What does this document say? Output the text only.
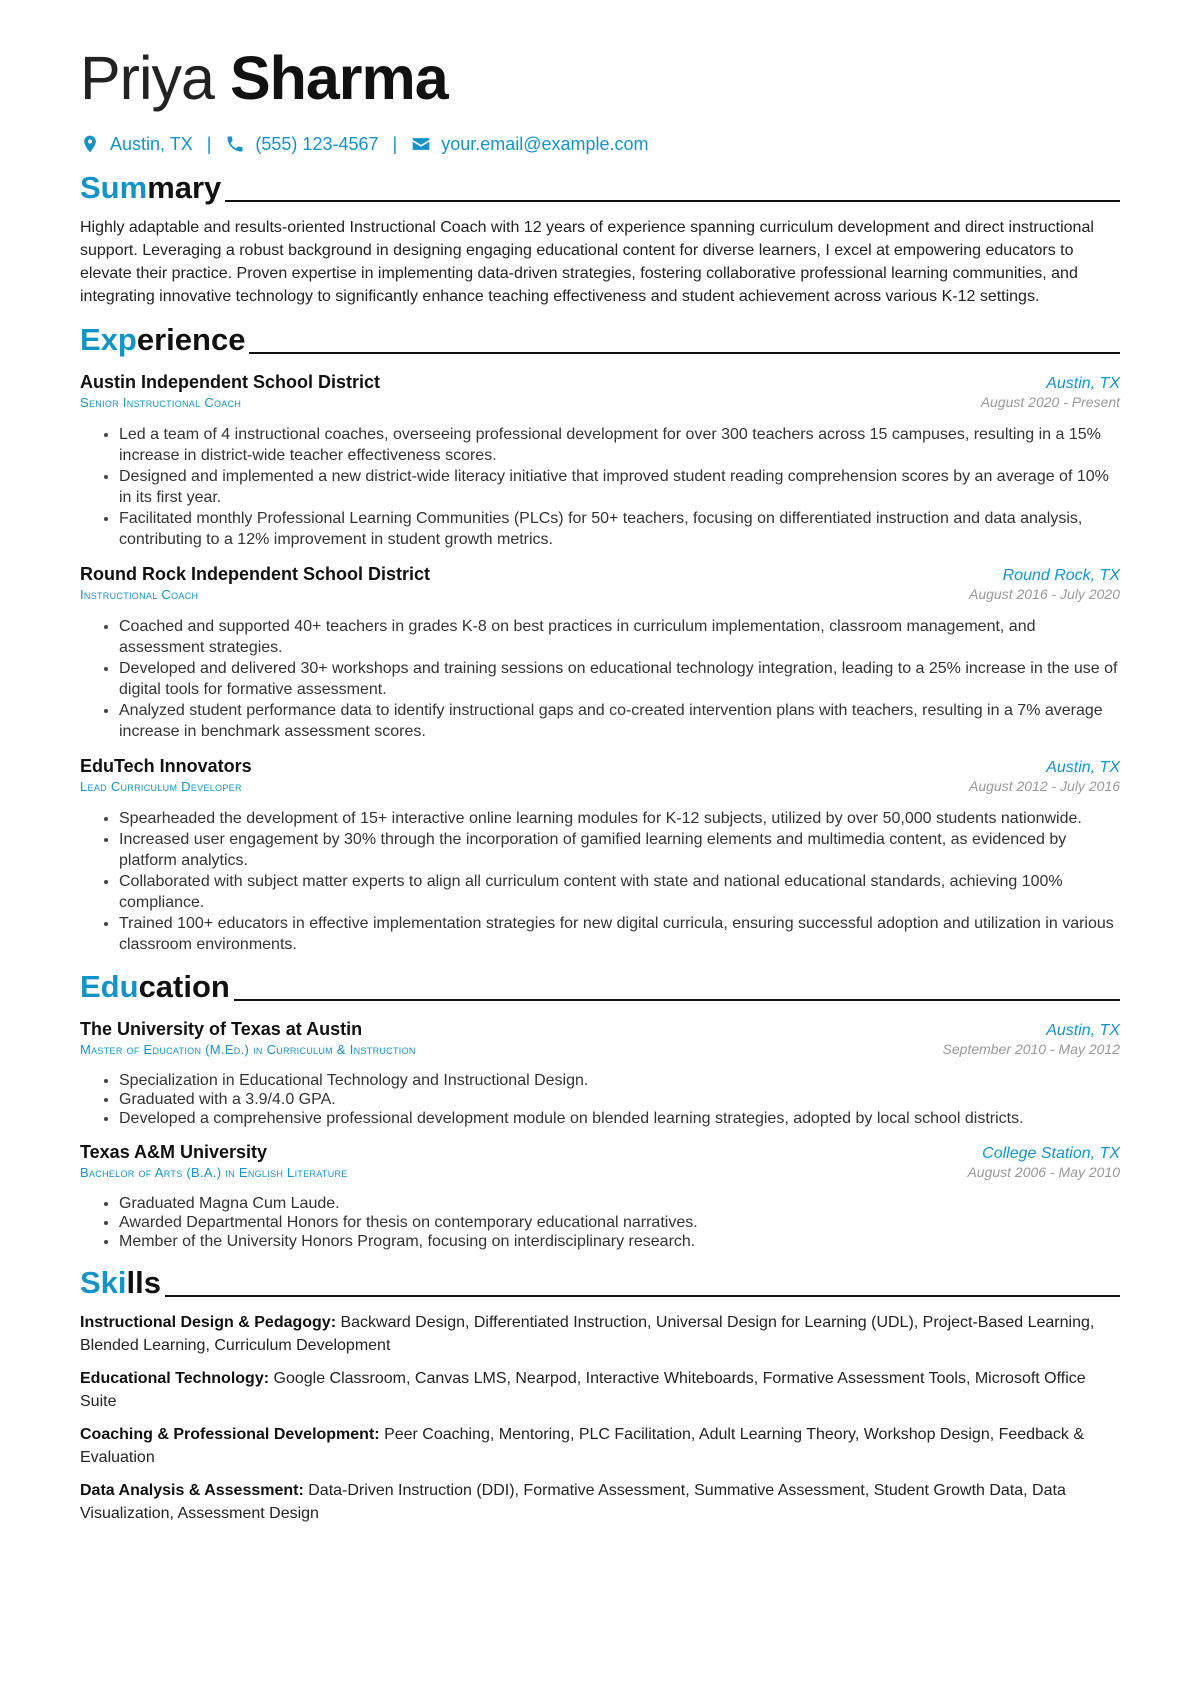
Priya Sharma
Austin, TX | (555) 123-4567 | your.email@example.com
Summary
Highly adaptable and results-oriented Instructional Coach with 12 years of experience spanning curriculum development and direct instructional support. Leveraging a robust background in designing engaging educational content for diverse learners, I excel at empowering educators to elevate their practice. Proven expertise in implementing data-driven strategies, fostering collaborative professional learning communities, and integrating innovative technology to significantly enhance teaching effectiveness and student achievement across various K-12 settings.
Experience
Austin Independent School District	Austin, TX
Senior Instructional Coach	August 2020 - Present
• Led a team of 4 instructional coaches, overseeing professional development for over 300 teachers across 15 campuses, resulting in a 15% increase in district-wide teacher effectiveness scores.
• Designed and implemented a new district-wide literacy initiative that improved student reading comprehension scores by an average of 10% in its first year.
• Facilitated monthly Professional Learning Communities (PLCs) for 50+ teachers, focusing on differentiated instruction and data analysis, contributing to a 12% improvement in student growth metrics.
Round Rock Independent School District	Round Rock, TX
Instructional Coach	August 2016 - July 2020
• Coached and supported 40+ teachers in grades K-8 on best practices in curriculum implementation, classroom management, and assessment strategies.
• Developed and delivered 30+ workshops and training sessions on educational technology integration, leading to a 25% increase in the use of digital tools for formative assessment.
• Analyzed student performance data to identify instructional gaps and co-created intervention plans with teachers, resulting in a 7% average increase in benchmark assessment scores.
EduTech Innovators	Austin, TX
Lead Curriculum Developer	August 2012 - July 2016
• Spearheaded the development of 15+ interactive online learning modules for K-12 subjects, utilized by over 50,000 students nationwide.
• Increased user engagement by 30% through the incorporation of gamified learning elements and multimedia content, as evidenced by platform analytics.
• Collaborated with subject matter experts to align all curriculum content with state and national educational standards, achieving 100% compliance.
• Trained 100+ educators in effective implementation strategies for new digital curricula, ensuring successful adoption and utilization in various classroom environments.
Education
The University of Texas at Austin	Austin, TX
Master of Education (M.Ed.) in Curriculum & Instruction	September 2010 - May 2012
• Specialization in Educational Technology and Instructional Design.
• Graduated with a 3.9/4.0 GPA.
• Developed a comprehensive professional development module on blended learning strategies, adopted by local school districts.
Texas A&M University	College Station, TX
Bachelor of Arts (B.A.) in English Literature	August 2006 - May 2010
• Graduated Magna Cum Laude.
• Awarded Departmental Honors for thesis on contemporary educational narratives.
• Member of the University Honors Program, focusing on interdisciplinary research.
Skills
Instructional Design & Pedagogy: Backward Design, Differentiated Instruction, Universal Design for Learning (UDL), Project-Based Learning, Blended Learning, Curriculum Development
Educational Technology: Google Classroom, Canvas LMS, Nearpod, Interactive Whiteboards, Formative Assessment Tools, Microsoft Office Suite
Coaching & Professional Development: Peer Coaching, Mentoring, PLC Facilitation, Adult Learning Theory, Workshop Design, Feedback & Evaluation
Data Analysis & Assessment: Data-Driven Instruction (DDI), Formative Assessment, Summative Assessment, Student Growth Data, Data Visualization, Assessment Design
